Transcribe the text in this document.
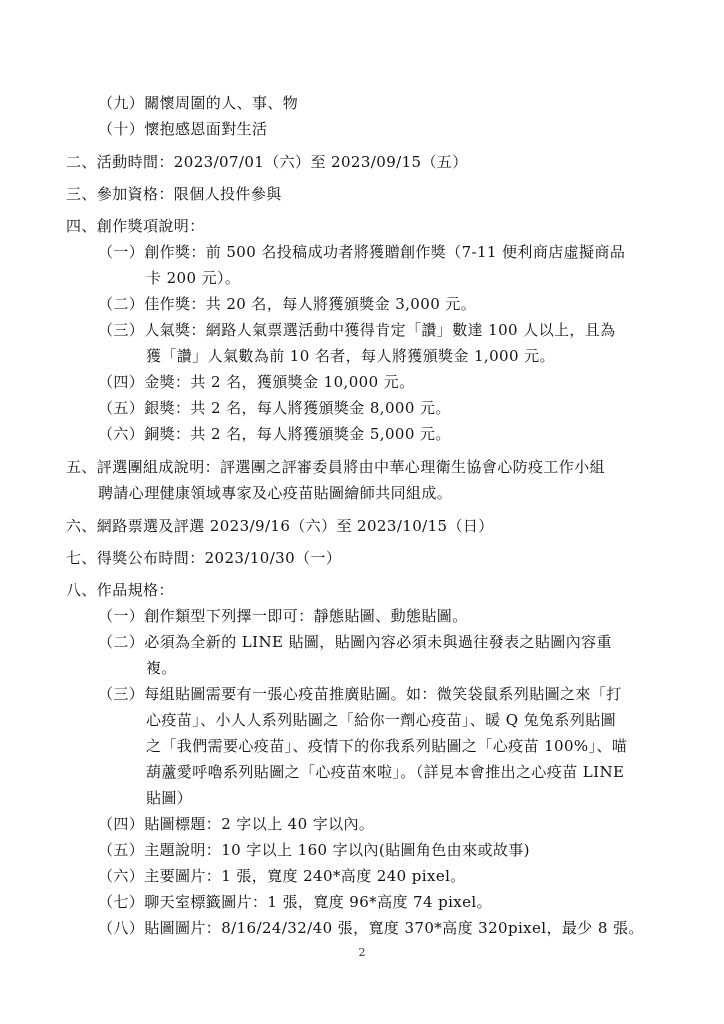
（九）關懷周圍的人、事、物
（十）懷抱感恩面對生活
二、活動時間：2023/07/01（六）至 2023/09/15（五）
三、參加資格：限個人投件參與
四、創作獎項說明：
（一）創作獎：前 500 名投稿成功者將獲贈創作獎（7-11 便利商店虛擬商品
卡 200 元）。
（二）佳作獎：共 20 名，每人將獲頒獎金 3,000 元。
（三）人氣獎：網路人氣票選活動中獲得肯定「讚」數達 100 人以上，且為
獲「讚」人氣數為前 10 名者，每人將獲頒獎金 1,000 元。
（四）金獎：共 2 名，獲頒獎金 10,000 元。
（五）銀獎：共 2 名，每人將獲頒獎金 8,000 元。
（六）銅獎：共 2 名，每人將獲頒獎金 5,000 元。
五、評選團組成說明：評選團之評審委員將由中華心理衛生協會心防疫工作小組
聘請心理健康領域專家及心疫苗貼圖繪師共同組成。
六、網路票選及評選 2023/9/16（六）至 2023/10/15（日）
七、得獎公布時間：2023/10/30（一）
八、作品規格：
（一）創作類型下列擇一即可：靜態貼圖、動態貼圖。
（二）必須為全新的 LINE 貼圖，貼圖內容必須未與過往發表之貼圖內容重
複。
（三）每組貼圖需要有一張心疫苗推廣貼圖。如：微笑袋鼠系列貼圖之來「打
心疫苗」、小人人系列貼圖之「給你一劑心疫苗」、暖 Q 兔兔系列貼圖
之「我們需要心疫苗」、疫情下的你我系列貼圖之「心疫苗 100%」、喵
葫蘆愛呼嚕系列貼圖之「心疫苗來啦」。（詳見本會推出之心疫苗 LINE
貼圖）
（四）貼圖標題：2 字以上 40 字以內。
（五）主題說明：10 字以上 160 字以內(貼圖角色由來或故事)
（六）主要圖片：1 張，寬度 240*高度 240 pixel。
（七）聊天室標籤圖片：1 張，寬度 96*高度 74 pixel。
（八）貼圖圖片：8/16/24/32/40 張，寬度 370*高度 320pixel，最少 8 張。
2
